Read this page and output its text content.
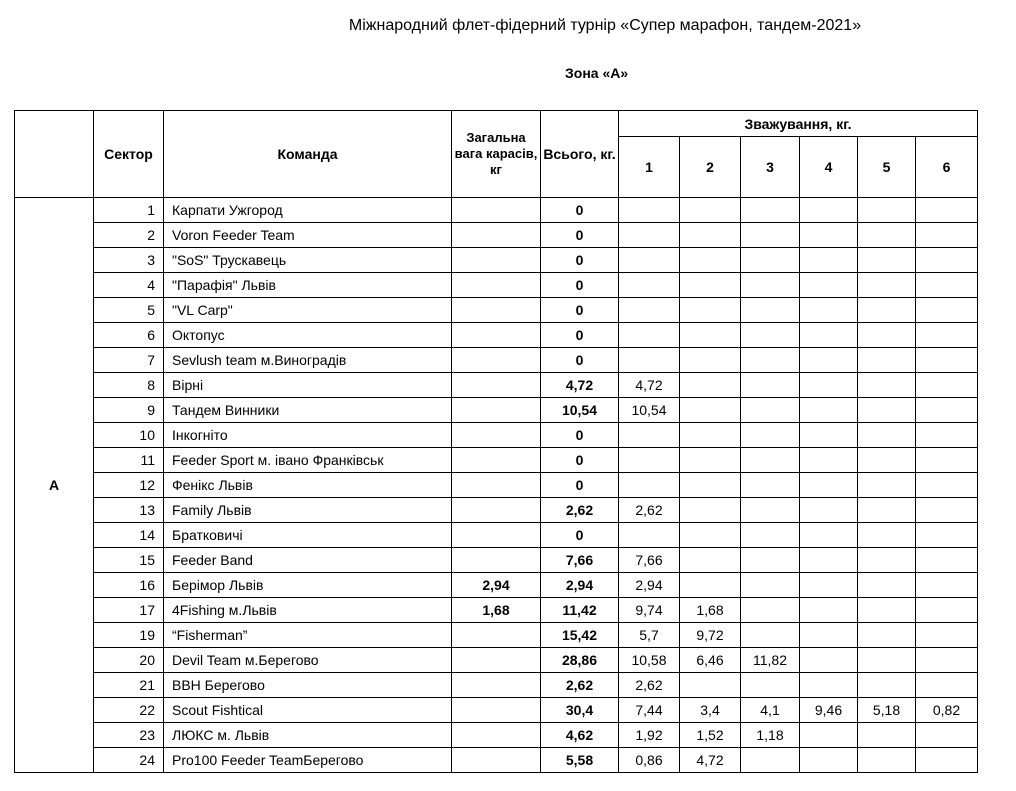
Міжнародний флет-фідерний турнір «Супер марафон, тандем-2021»
Зона «А»
	Сектор	Команда	Загальна вага карасів, кг	Всього, кг.	Зважування, кг.					
					1	2	3	4	5	6
А	1	Карпати Ужгород		0						
	2	Voron Feeder Team		0						
	3	"SoS" Трускавець		0						
	4	"Парафія" Львів		0						
	5	"VL Carp"		0						
	6	Октопус		0						
	7	Sevlush team м.Виноградів		0						
	8	Вірні		4,72	4,72					
	9	Тандем Винники		10,54	10,54					
	10	Інкогніто		0						
	11	Feeder Sport м. івано Франківськ		0						
	12	Фенікс Львів		0						
	13	Family Львів		2,62	2,62					
	14	Братковичі		0						
	15	Feeder Band		7,66	7,66					
	16	Берімор Львів	2,94	2,94	2,94					
	17	4Fishing м.Львів	1,68	11,42	9,74	1,68				
	19	“Fisherman”		15,42	5,7	9,72				
	20	Devil Team м.Берегово		28,86	10,58	6,46	11,82			
	21	ВВН Берегово		2,62	2,62					
	22	Scout Fishtical		30,4	7,44	3,4	4,1	9,46	5,18	0,82
	23	ЛЮКС м. Львів		4,62	1,92	1,52	1,18			
	24	Pro100 Feeder TeamБерегово		5,58	0,86	4,72				
